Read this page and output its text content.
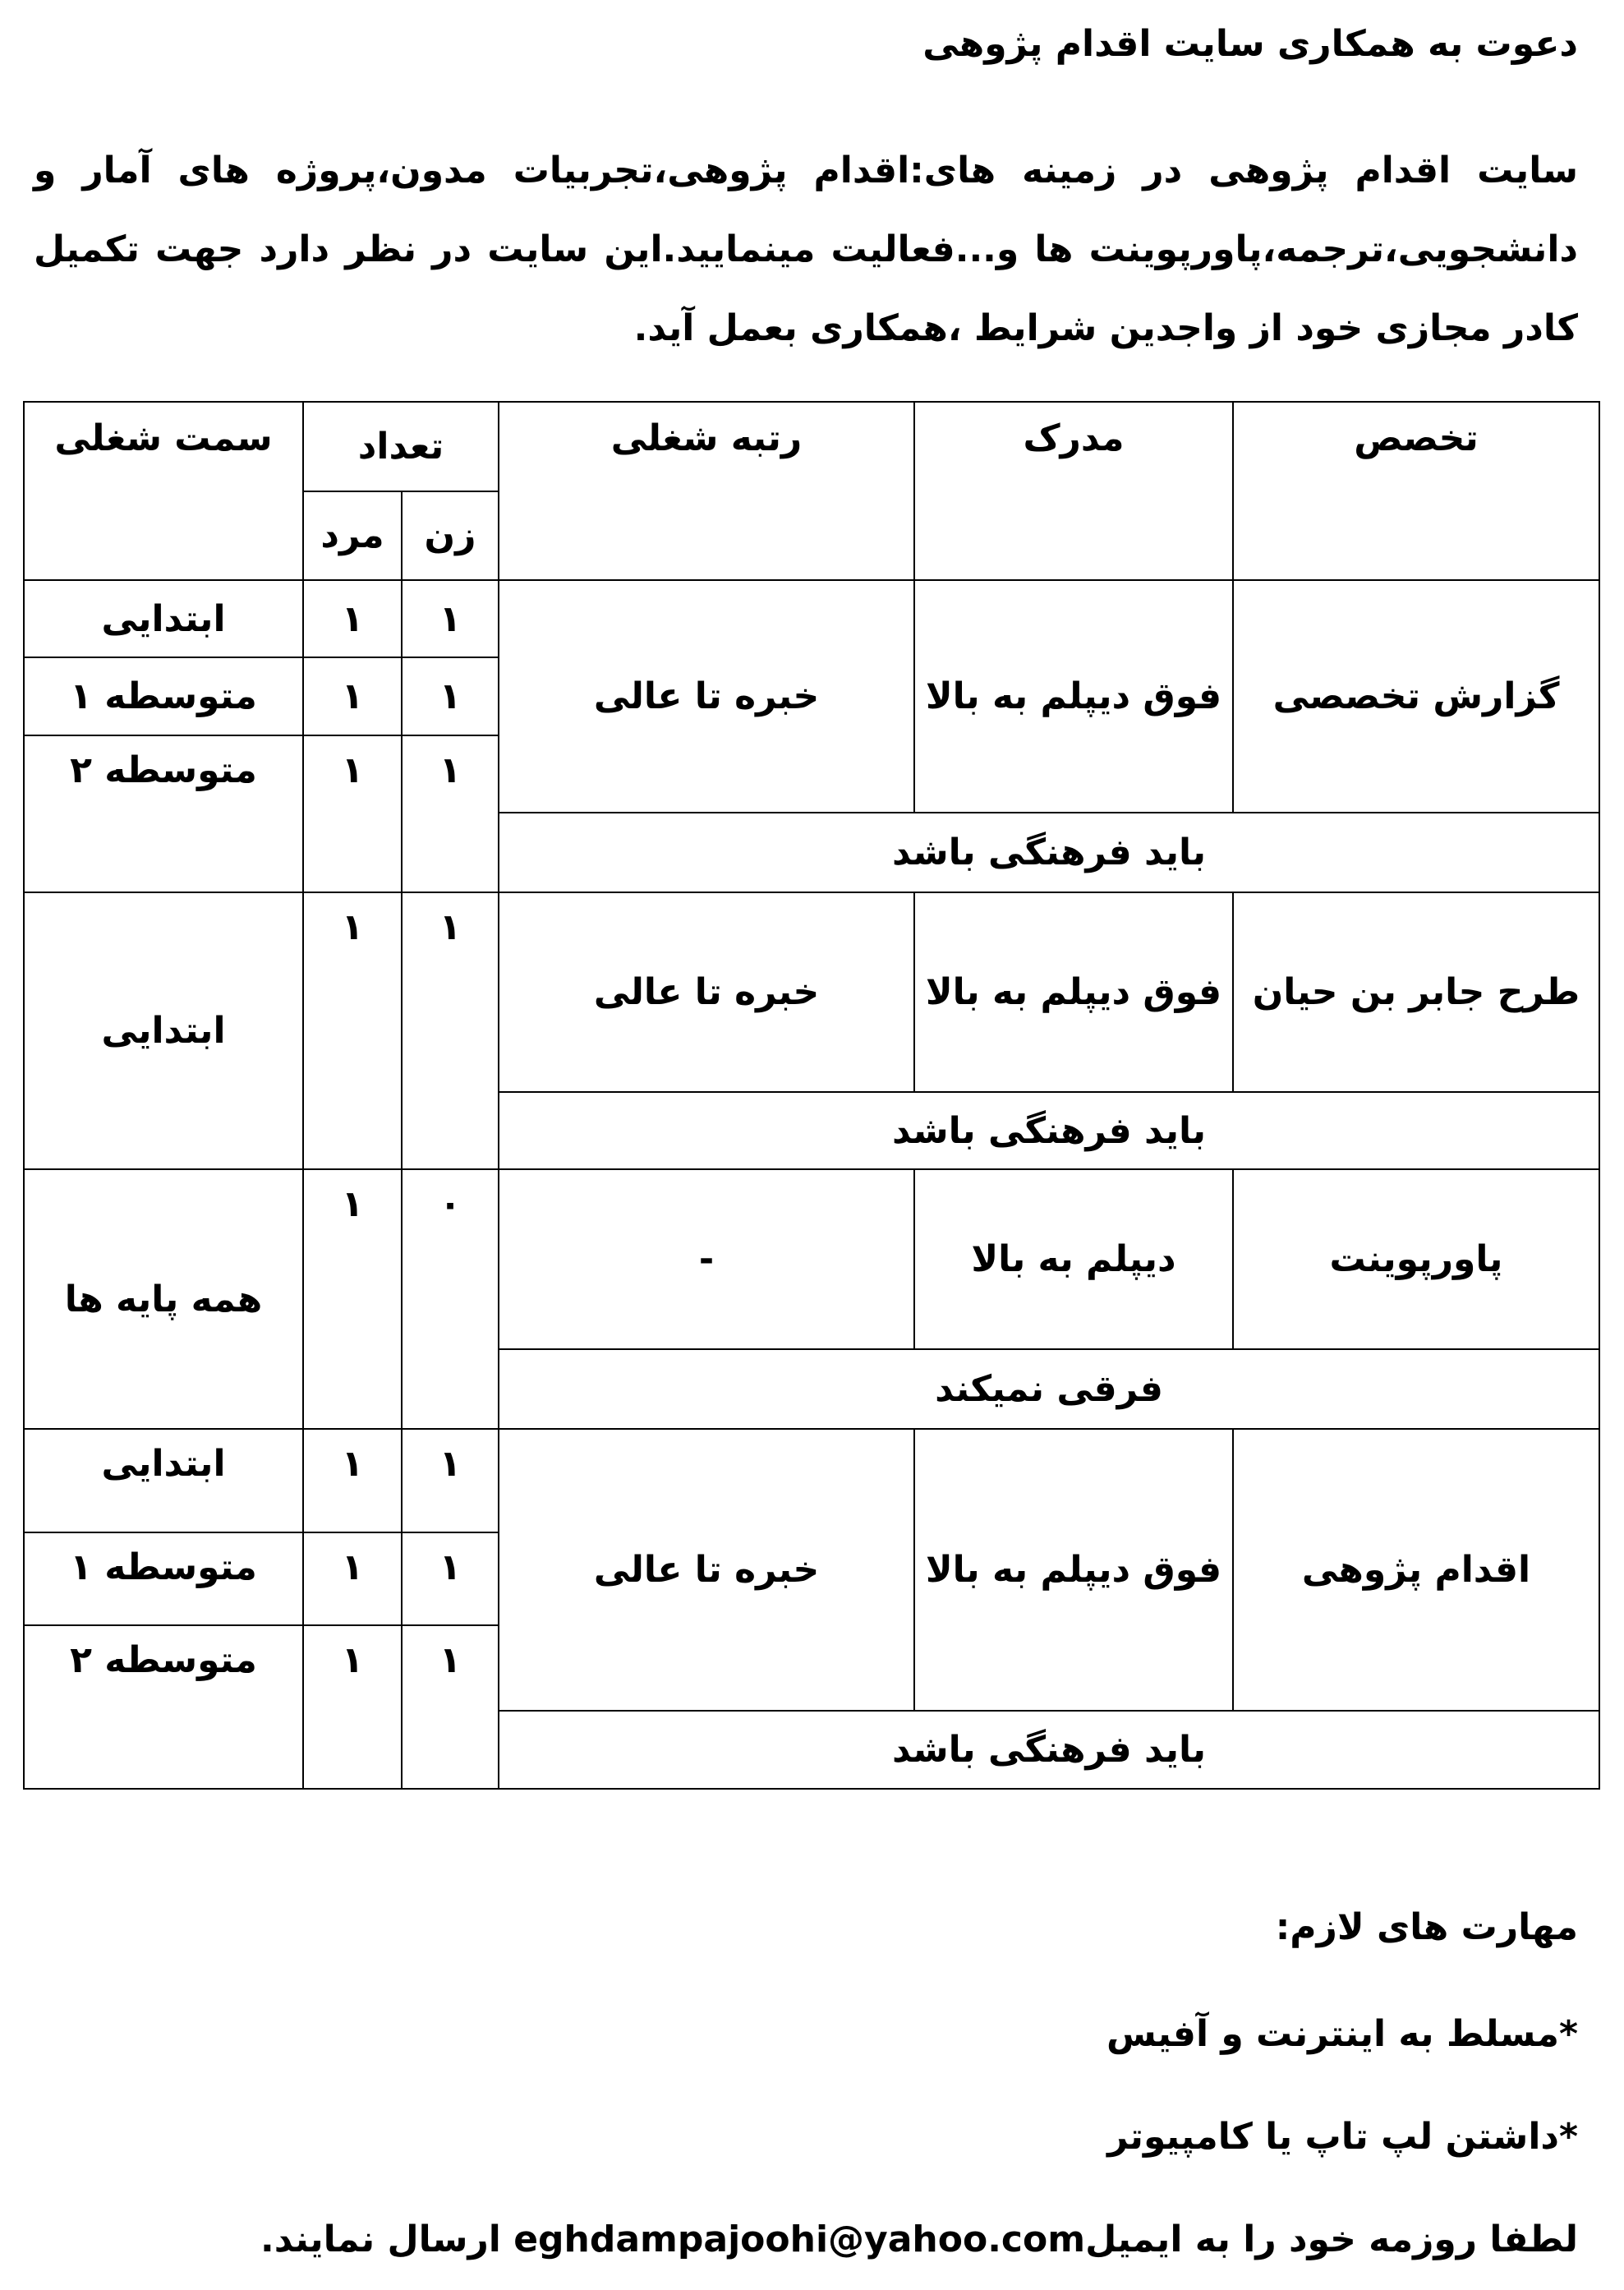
دعوت به همکاری سایت اقدام پژوهی
سایت اقدام پژوهی در زمینه های:اقدام پژوهی،تجربیات مدون،پروژه های آمار و دانشجویی،ترجمه،پاورپوینت ها و...فعالیت مینمایید.این سایت در نظر دارد جهت تکمیل کادر مجازی خود از واجدین شرایط ،همکاری بعمل آید.
تخصص	مدرک	رتبه شغلی	تعداد		سمت شغلی
			زن	مرد	
گزارش تخصصی	فوق دیپلم به بالا	خبره تا عالی	۱	۱	ابتدایی
			۱	۱	متوسطه ۱
			۱	۱	متوسطه ۲
باید فرهنگی باشد					
طرح جابر بن حیان	فوق دیپلم به بالا	خبره تا عالی	۱	۱	ابتدایی
باید فرهنگی باشد					
پاورپوینت	دیپلم به بالا	-	۰	۱	همه پایه ها
فرقی نمیکند					
اقدام پژوهی	فوق دیپلم به بالا	خبره تا عالی	۱	۱	ابتدایی
			۱	۱	متوسطه ۱
			۱	۱	متوسطه ۲
باید فرهنگی باشد					
مهارت های لازم:
*مسلط به اینترنت و آفیس
*داشتن لپ تاپ یا کامپیوتر
لطفا روزمه خود را به ایمیلeghdampajoohi@yahoo.com ارسال نمایند.
